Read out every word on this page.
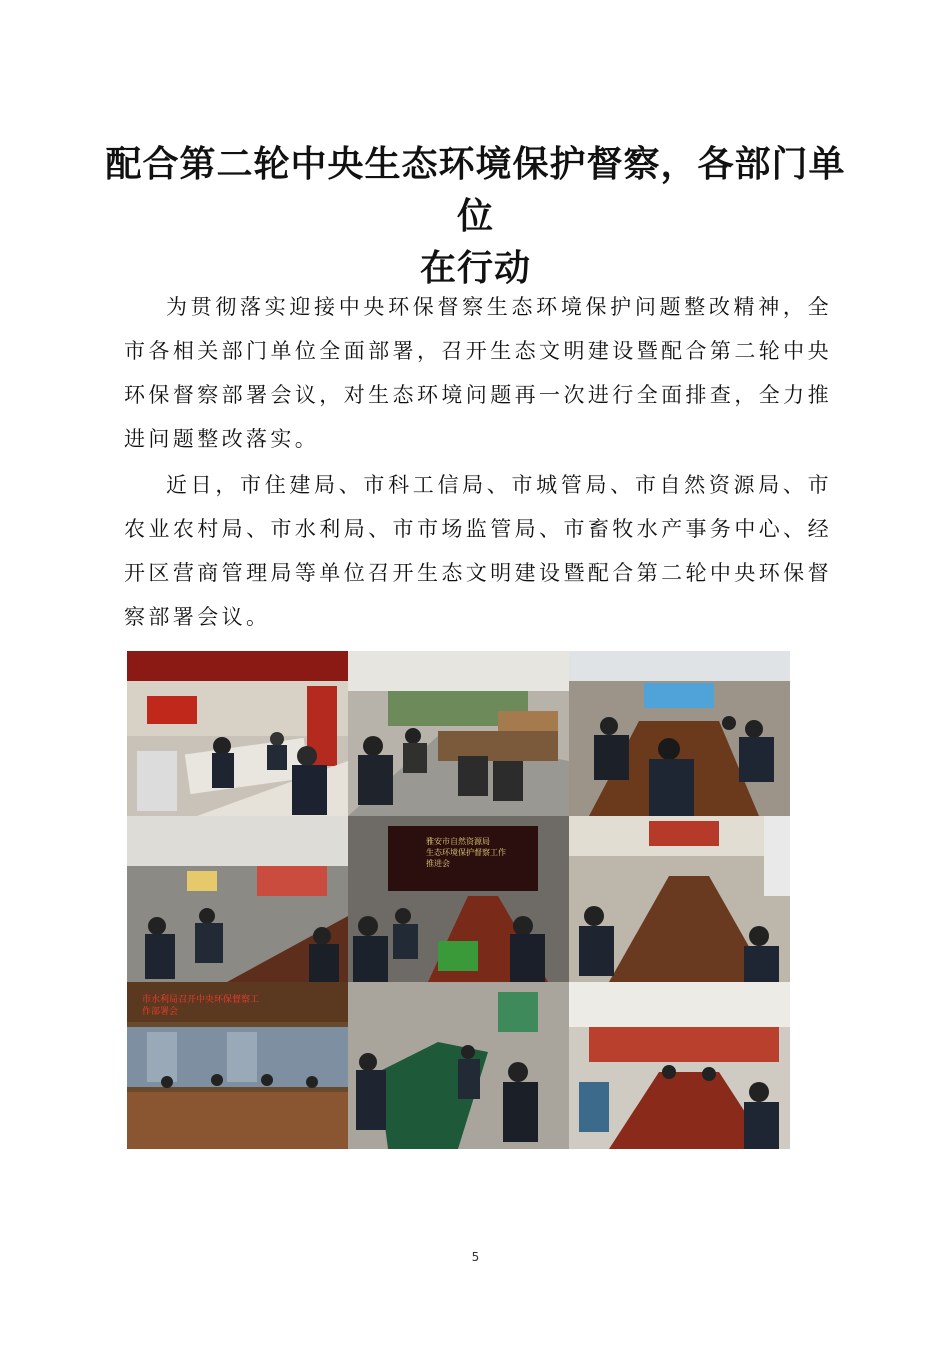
配合第二轮中央生态环境保护督察，各部门单位
在行动

为贯彻落实迎接中央环保督察生态环境保护问题整改精神，全市各相关部门单位全面部署，召开生态文明建设暨配合第二轮中央环保督察部署会议，对生态环境问题再一次进行全面排查，全力推进问题整改落实。

近日，市住建局、市科工信局、市城管局、市自然资源局、市农业农村局、市水利局、市市场监管局、市畜牧水产事务中心、经开区营商管理局等单位召开生态文明建设暨配合第二轮中央环保督察部署会议。

雅安市自然资源局
生态环境保护督察工作
推进会
市水利局召开中央环保督察工
作部署会
5
